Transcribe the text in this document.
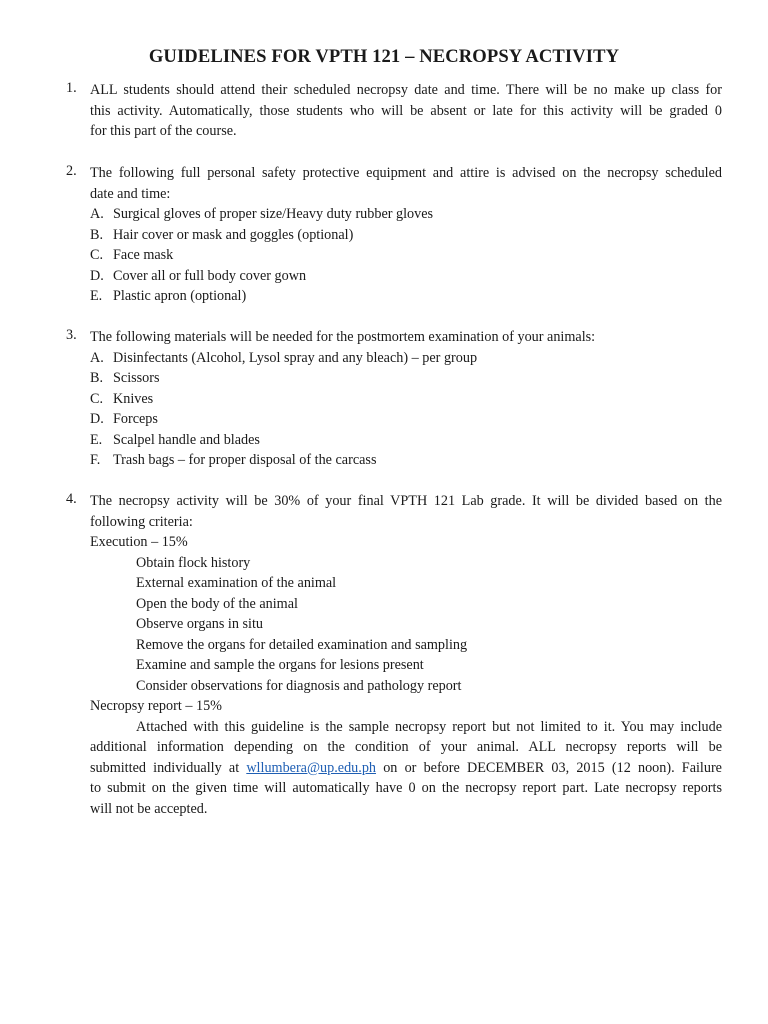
GUIDELINES FOR VPTH 121 – NECROPSY ACTIVITY
1. ALL students should attend their scheduled necropsy date and time. There will be no make up class for
this activity. Automatically, those students who will be absent or late for this activity will be graded 0
for this part of the course.
2. The following full personal safety protective equipment and attire is advised on the necropsy scheduled
date and time:
A. Surgical gloves of proper size/Heavy duty rubber gloves
B. Hair cover or mask and goggles (optional)
C. Face mask
D. Cover all or full body cover gown
E. Plastic apron (optional)
3. The following materials will be needed for the postmortem examination of your animals:
A. Disinfectants (Alcohol, Lysol spray and any bleach) – per group
B. Scissors
C. Knives
D. Forceps
E. Scalpel handle and blades
F. Trash bags – for proper disposal of the carcass
4. The necropsy activity will be 30% of your final VPTH 121 Lab grade. It will be divided based on the
following criteria:
Execution – 15%
Obtain flock history
External examination of the animal
Open the body of the animal
Observe organs in situ
Remove the organs for detailed examination and sampling
Examine and sample the organs for lesions present
Consider observations for diagnosis and pathology report
Necropsy report – 15%
Attached with this guideline is the sample necropsy report but not limited to it. You may include
additional information depending on the condition of your animal. ALL necropsy reports will be
submitted individually at wllumbera@up.edu.ph on or before DECEMBER 03, 2015 (12 noon). Failure
to submit on the given time will automatically have 0 on the necropsy report part. Late necropsy reports
will not be accepted.
